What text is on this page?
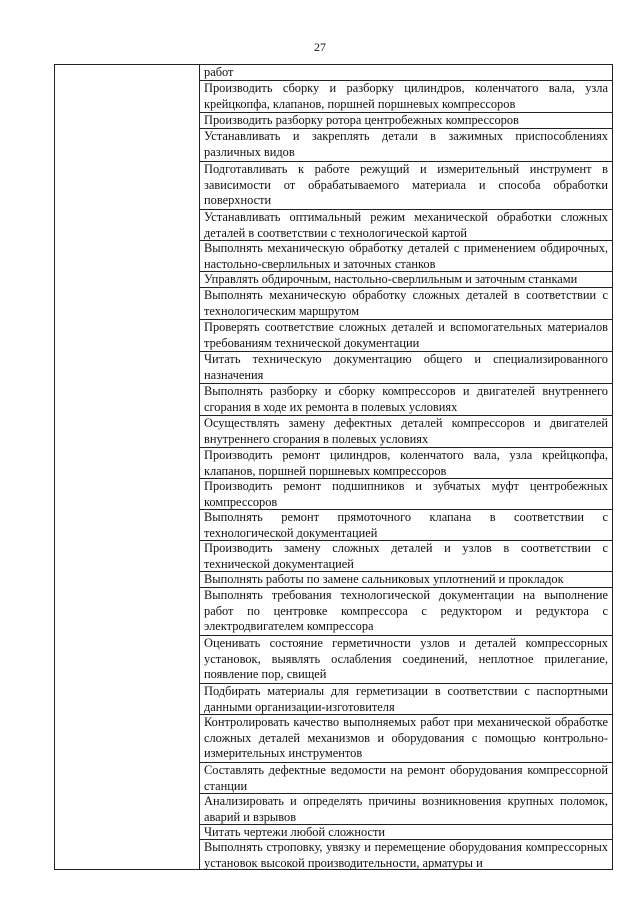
27

работ
Производить сборку и разборку цилиндров, коленчатого вала, узла крейцкопфа, клапанов, поршней поршневых компрессоров
Производить разборку ротора центробежных компрессоров
Устанавливать и закреплять детали в зажимных приспособлениях различных видов
Подготавливать к работе режущий и измерительный инструмент в зависимости от обрабатываемого материала и способа обработки поверхности
Устанавливать оптимальный режим механической обработки сложных деталей в соответствии с технологической картой
Выполнять механическую обработку деталей с применением обдирочных, настольно-сверлильных и заточных станков
Управлять обдирочным, настольно-сверлильным и заточным станками
Выполнять механическую обработку сложных деталей в соответствии с технологическим маршрутом
Проверять соответствие сложных деталей и вспомогательных материалов требованиям технической документации
Читать техническую документацию общего и специализированного назначения
Выполнять разборку и сборку компрессоров и двигателей внутреннего сгорания в ходе их ремонта в полевых условиях
Осуществлять замену дефектных деталей компрессоров и двигателей внутреннего сгорания в полевых условиях
Производить ремонт цилиндров, коленчатого вала, узла крейцкопфа, клапанов, поршней поршневых компрессоров
Производить ремонт подшипников и зубчатых муфт центробежных компрессоров
Выполнять ремонт прямоточного клапана в соответствии с технологической документацией
Производить замену сложных деталей и узлов в соответствии с технической документацией
Выполнять работы по замене сальниковых уплотнений и прокладок
Выполнять требования технологической документации на выполнение работ по центровке компрессора с редуктором и редуктора с электродвигателем компрессора
Оценивать состояние герметичности узлов и деталей компрессорных установок, выявлять ослабления соединений, неплотное прилегание, появление пор, свищей
Подбирать материалы для герметизации в соответствии с паспортными данными организации-изготовителя
Контролировать качество выполняемых работ при механической обработке сложных деталей механизмов и оборудования с помощью контрольно-измерительных инструментов
Составлять дефектные ведомости на ремонт оборудования компрессорной станции
Анализировать и определять причины возникновения крупных поломок, аварий и взрывов
Читать чертежи любой сложности
Выполнять строповку, увязку и перемещение оборудования компрессорных установок высокой производительности, арматуры и
